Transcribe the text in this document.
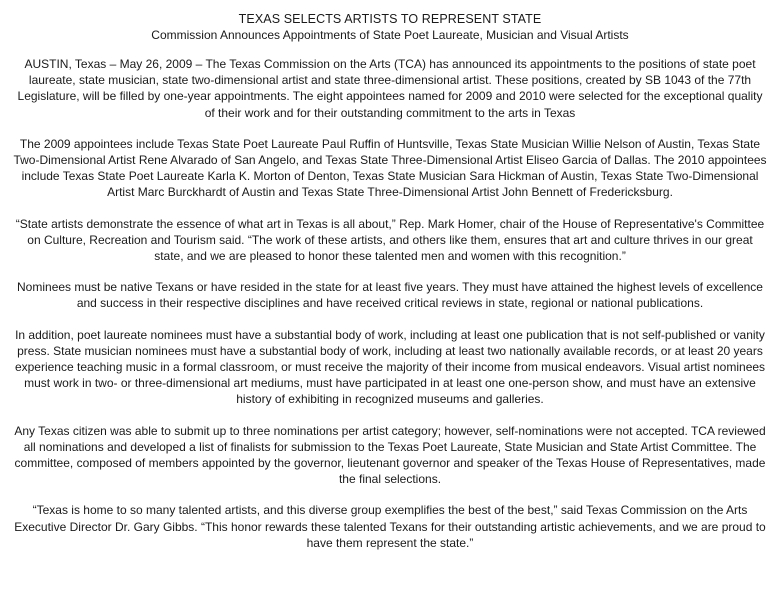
TEXAS SELECTS ARTISTS TO REPRESENT STATE
Commission Announces Appointments of State Poet Laureate, Musician and Visual Artists

AUSTIN, Texas – May 26, 2009 – The Texas Commission on the Arts (TCA) has announced its appointments to the positions of state poet laureate, state musician, state two-dimensional artist and state three-dimensional artist. These positions, created by SB 1043 of the 77th Legislature, will be filled by one-year appointments. The eight appointees named for 2009 and 2010 were selected for the exceptional quality of their work and for their outstanding commitment to the arts in Texas

The 2009 appointees include Texas State Poet Laureate Paul Ruffin of Huntsville, Texas State Musician Willie Nelson of Austin, Texas State Two-Dimensional Artist Rene Alvarado of San Angelo, and Texas State Three-Dimensional Artist Eliseo Garcia of Dallas. The 2010 appointees include Texas State Poet Laureate Karla K. Morton of Denton, Texas State Musician Sara Hickman of Austin, Texas State Two-Dimensional Artist Marc Burckhardt of Austin and Texas State Three-Dimensional Artist John Bennett of Fredericksburg.

“State artists demonstrate the essence of what art in Texas is all about,” Rep. Mark Homer, chair of the House of Representative's Committee on Culture, Recreation and Tourism said. “The work of these artists, and others like them, ensures that art and culture thrives in our great state, and we are pleased to honor these talented men and women with this recognition.”

Nominees must be native Texans or have resided in the state for at least five years. They must have attained the highest levels of excellence and success in their respective disciplines and have received critical reviews in state, regional or national publications.

In addition, poet laureate nominees must have a substantial body of work, including at least one publication that is not self-published or vanity press. State musician nominees must have a substantial body of work, including at least two nationally available records, or at least 20 years experience teaching music in a formal classroom, or must receive the majority of their income from musical endeavors. Visual artist nominees must work in two- or three-dimensional art mediums, must have participated in at least one one-person show, and must have an extensive history of exhibiting in recognized museums and galleries.

Any Texas citizen was able to submit up to three nominations per artist category; however, self-nominations were not accepted. TCA reviewed all nominations and developed a list of finalists for submission to the Texas Poet Laureate, State Musician and State Artist Committee. The committee, composed of members appointed by the governor, lieutenant governor and speaker of the Texas House of Representatives, made the final selections.

“Texas is home to so many talented artists, and this diverse group exemplifies the best of the best,” said Texas Commission on the Arts Executive Director Dr. Gary Gibbs. “This honor rewards these talented Texans for their outstanding artistic achievements, and we are proud to have them represent the state.”
